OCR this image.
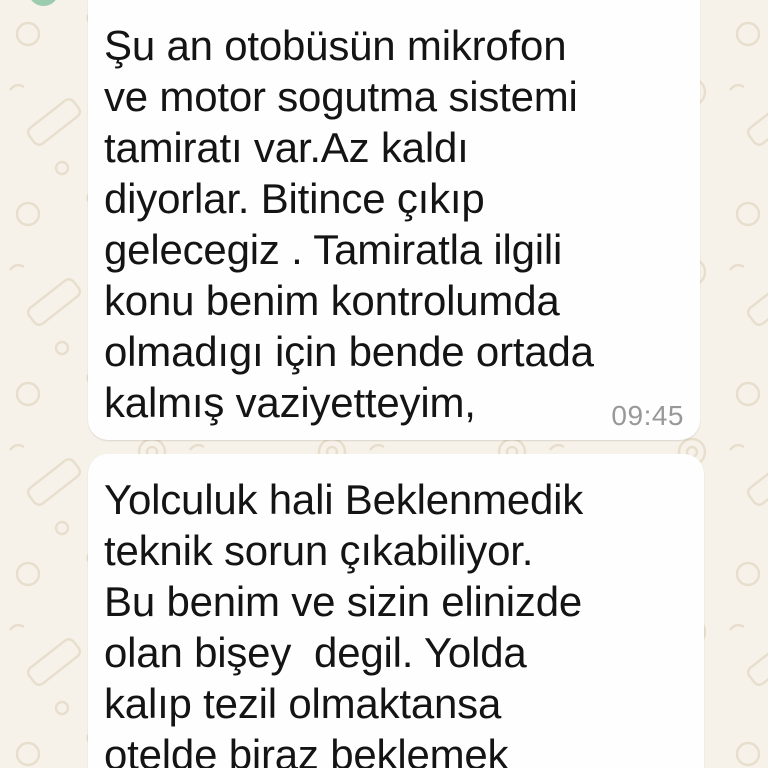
Şu an otobüsün mikrofon
ve motor sogutma sistemi
tamiratı var.Az kaldı
diyorlar. Bitince çıkıp
gelecegiz . Tamiratla ilgili
konu benim kontrolumda
olmadıgı için bende ortada
kalmış vaziyetteyim,	09:45
Yolculuk hali Beklenmedik
teknik sorun çıkabiliyor.
Bu benim ve sizin elinizde
olan bişey  degil. Yolda
kalıp tezil olmaktansa
otelde biraz beklemek
